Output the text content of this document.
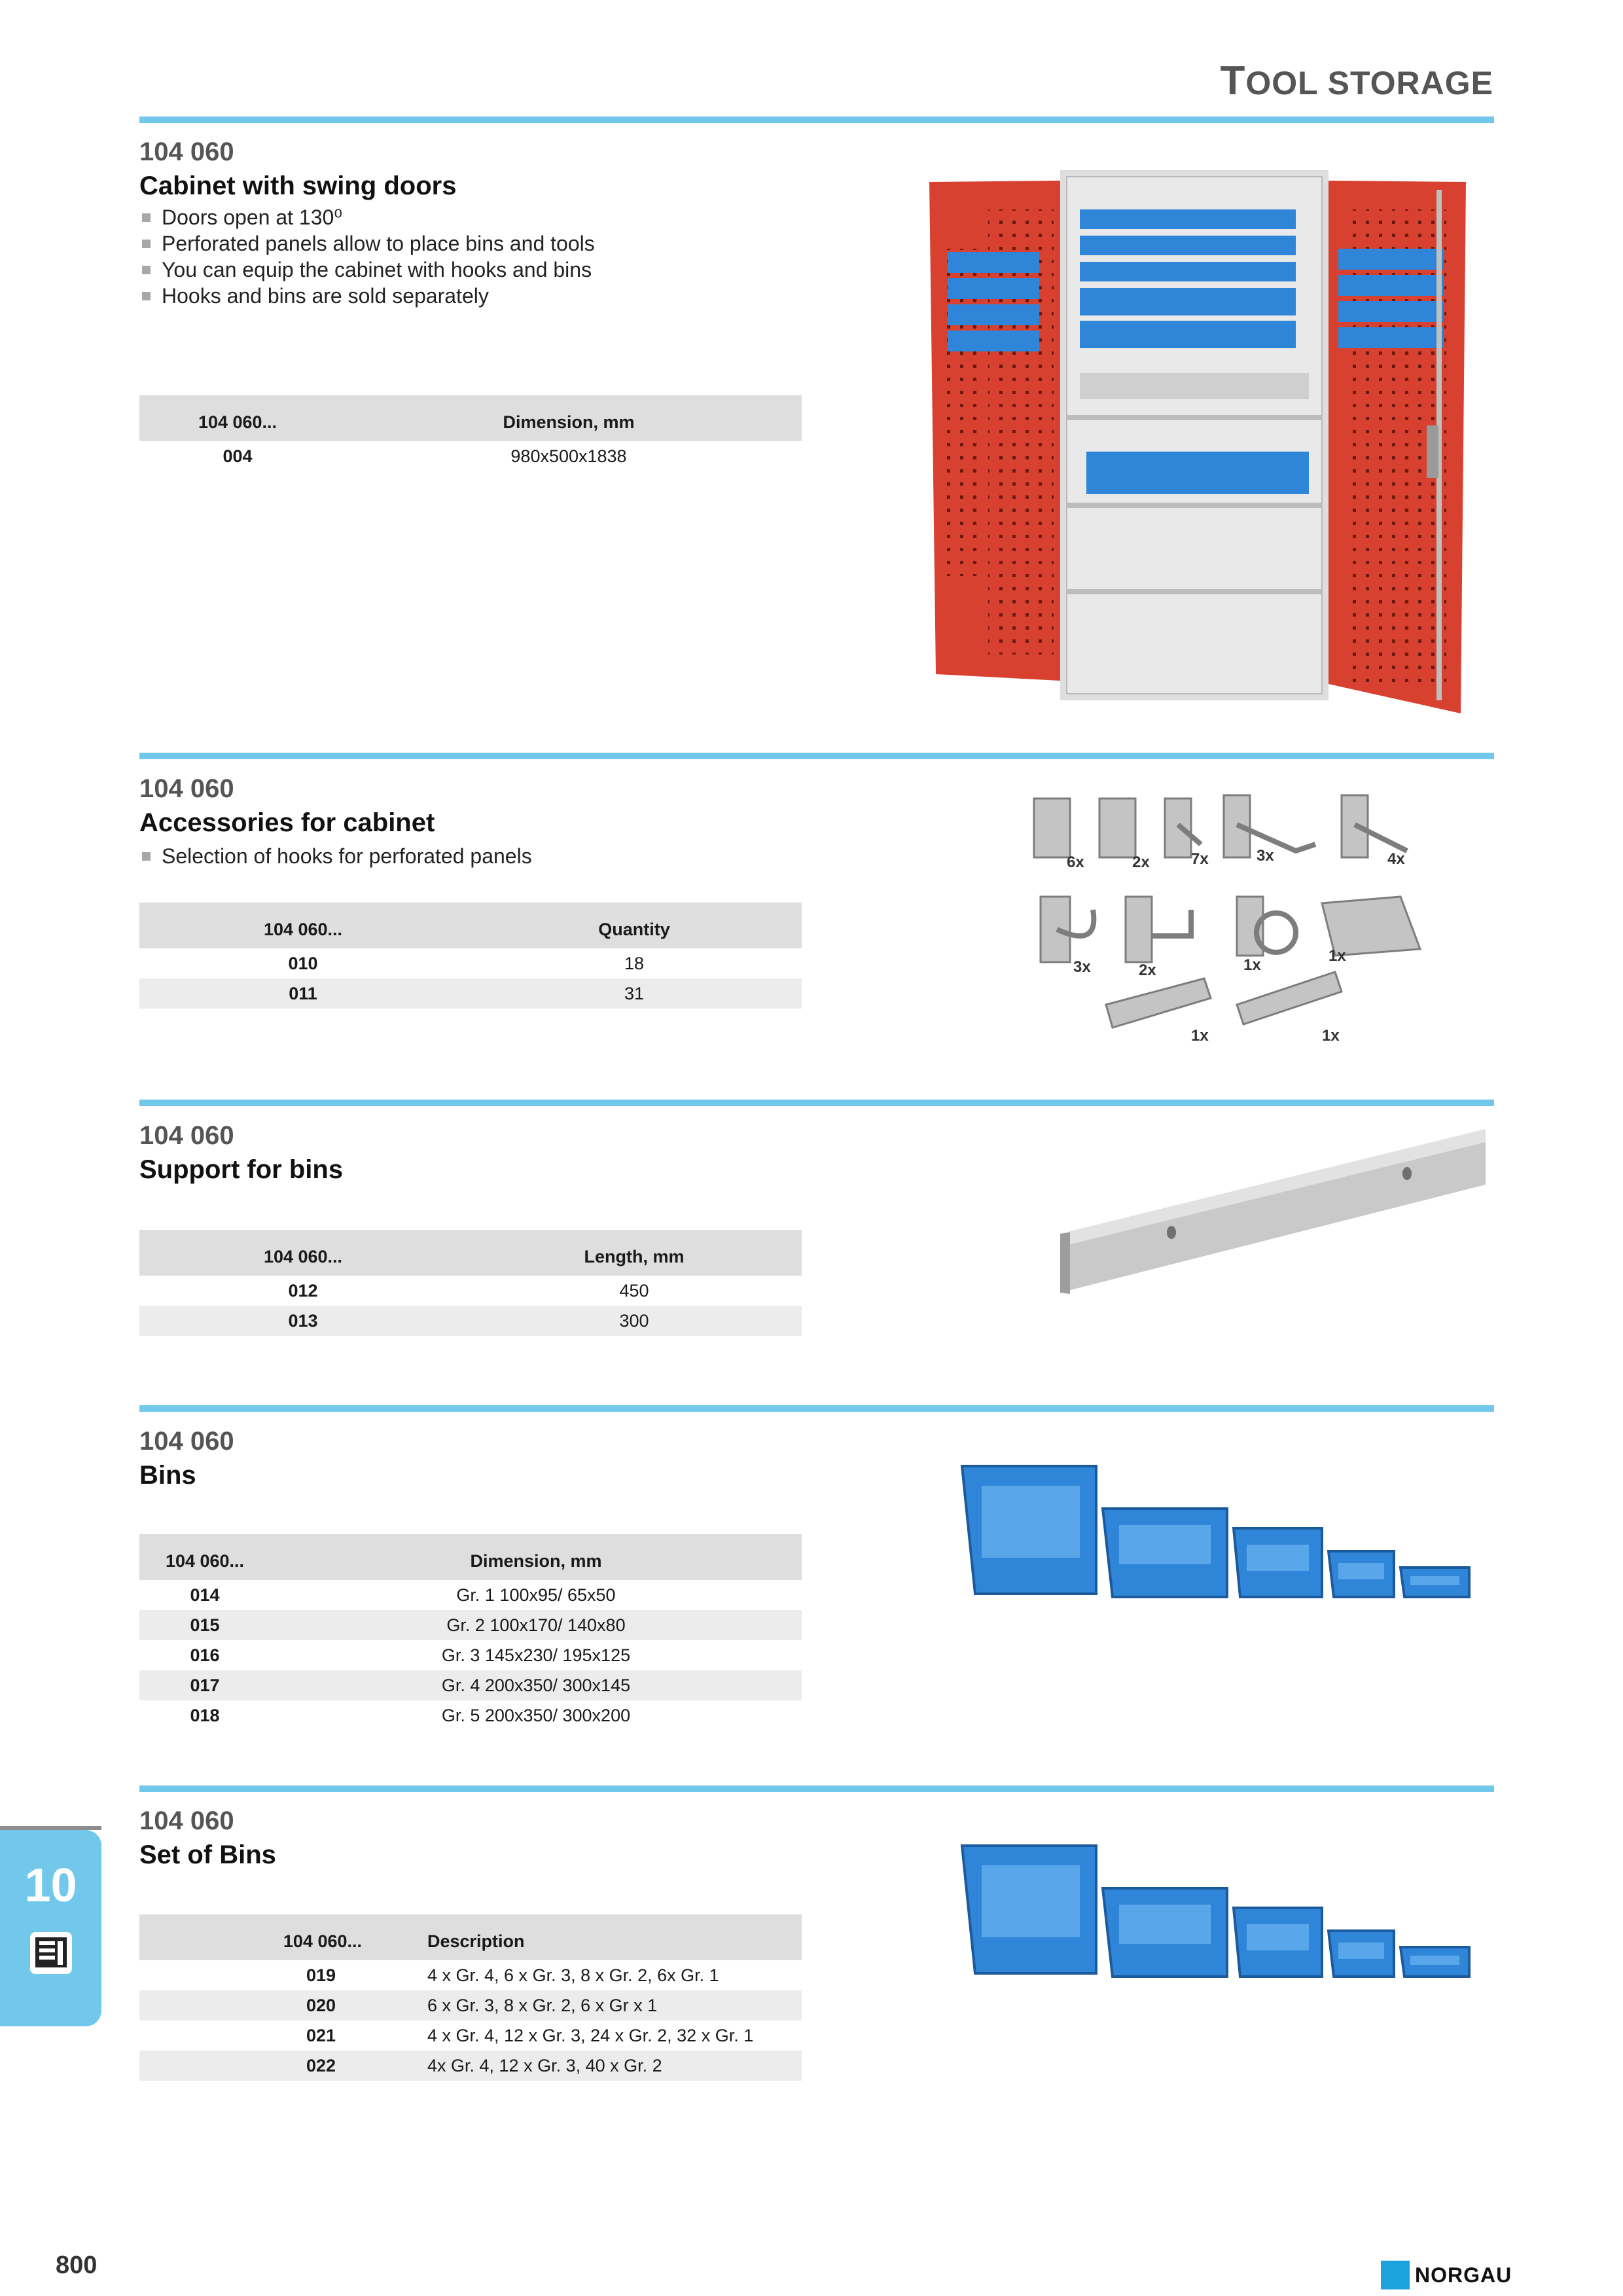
TOOL STORAGE
104 060
Cabinet with swing doors
Doors open at 130⁰
Perforated panels allow to place bins and tools
You can equip the cabinet with hooks and bins
Hooks and bins are sold separately
104 060...	Dimension, mm
004	980x500x1838
104 060
Accessories for cabinet
Selection of hooks for perforated panels
104 060...	Quantity
010	18
011	31
6x	2x	7x	3x	4x
3x	2x	1x
1x
1x	1x
104 060
Support for bins
104 060...	Length, mm
012	450
013	300
104 060
Bins
104 060...	Dimension, mm
014	Gr. 1 100x95/ 65x50
015	Gr. 2 100x170/ 140x80
016	Gr. 3 145x230/ 195x125
017	Gr. 4 200x350/ 300x145
018	Gr. 5 200x350/ 300x200
104 060
Set of Bins
104 060...	Description
019	4 x Gr. 4, 6 x Gr. 3, 8 x Gr. 2, 6x Gr. 1
020	6 x Gr. 3, 8 x Gr. 2, 6 x Gr x 1
021	4 x Gr. 4, 12 x Gr. 3, 24 x Gr. 2, 32 x Gr. 1
022	4x Gr. 4, 12 x Gr. 3, 40 x Gr. 2
10
800	NORGAU
